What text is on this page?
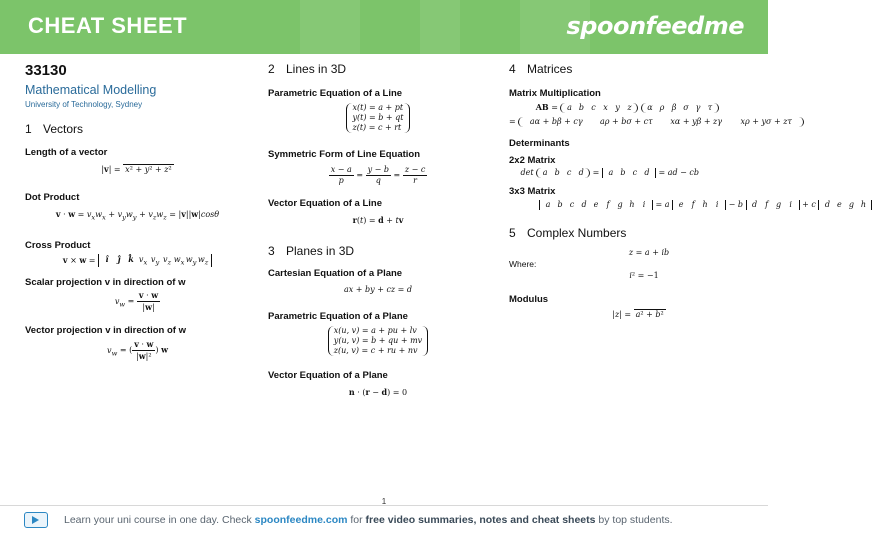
CHEAT SHEET	spoonfeedme
33130
Mathematical Modelling
University of Technology, Sydney
1 Vectors
Length of a vector
|v| = x² + y² + z²
Dot Product
$v \cdot w = v_xw_x + v_yw_y + v_zw_z = |v||w|\cos\theta$
Cross Product
v × w = î ĵ k̂ $v_x$ $v_y$ $v_z$ $w_xw_y$ $w_z$
Scalar projection v in direction of w
$v_w = \frac{v \cdot w}{|w|}$
Vector projection v in direction of w
$v_w$ = ( $\frac{v \cdot w}{\text{|w|²}}$ ) w
2 Lines in 3D
Parametric Equation of a Line
x(t) = a + pt
y(t) = b + qt
z(t) = c + rt
Symmetric Form of Line Equation
$\frac{x - a}{p} = \frac{y - b}{q} = \frac{z - c}{r}$
Vector Equation of a Line
r(t) = d + tv
3 Planes in 3D
Cartesian Equation of a Plane
ax + by + cz = d
Parametric Equation of a Plane
x(u, v) = a + pu + lv
y(u, v) = b + qu + mv
z(u, v) = c + ru + nv
Vector Equation of a Plane
n · (r − d) = 0
4 Matrices
Matrix Multiplication
AB = a b c x y z α ρ β σ γ τ
= aα + bβ + cγ aρ + bσ + cτ xα + yβ + zγ xρ + yσ + zτ
Determinants
2x2 Matrix
det a b c d = a b c d = ad − cb
3x3 Matrix
a b c d e f g h i = a e f h i − b d f g i + c d e g h
5 Complex Numbers
z = a + ib
Where:
i² = −1
Modulus
|z| = a² + b²
1
Learn your uni course in one day. Check spoonfeedme.com for free video summaries, notes and cheat sheets by top students.
